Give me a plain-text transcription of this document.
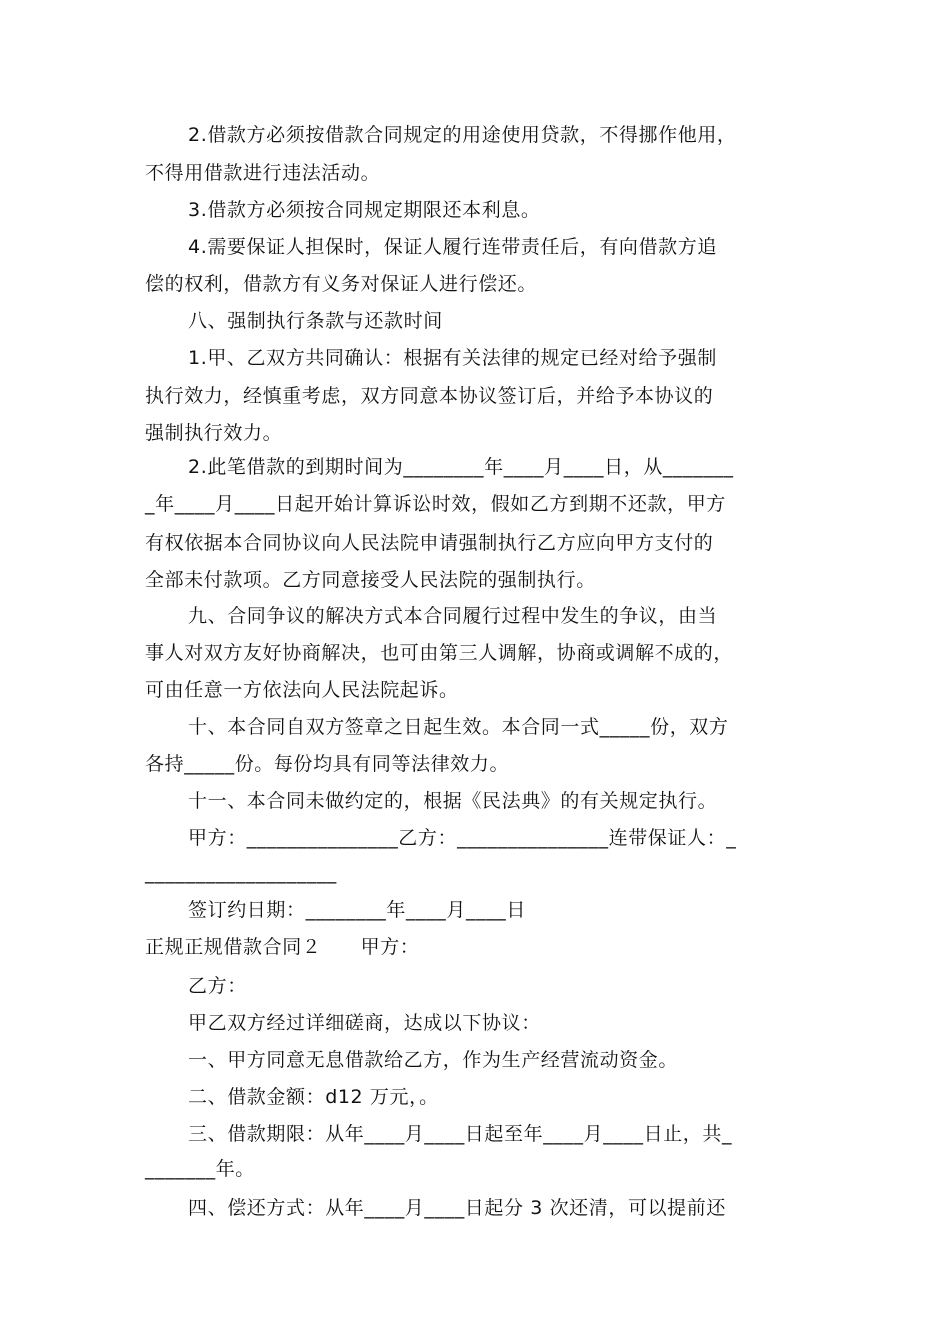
2.借款方必须按借款合同规定的用途使用贷款，不得挪作他用，
不得用借款进行违法活动。
3.借款方必须按合同规定期限还本利息。
4.需要保证人担保时，保证人履行连带责任后，有向借款方追
偿的权利，借款方有义务对保证人进行偿还。
八、强制执行条款与还款时间
1.甲、乙双方共同确认：根据有关法律的规定已经对给予强制
执行效力，经慎重考虑，双方同意本协议签订后，并给予本协议的
强制执行效力。
2.此笔借款的到期时间为________年____月____日，从_______
_年____月____日起开始计算诉讼时效，假如乙方到期不还款，甲方
有权依据本合同协议向人民法院申请强制执行乙方应向甲方支付的
全部未付款项。乙方同意接受人民法院的强制执行。
九、合同争议的解决方式本合同履行过程中发生的争议，由当
事人对双方友好协商解决，也可由第三人调解，协商或调解不成的，
可由任意一方依法向人民法院起诉。
十、本合同自双方签章之日起生效。本合同一式_____份，双方
各持_____份。每份均具有同等法律效力。
十一、本合同未做约定的，根据《民法典》的有关规定执行。
甲方：_______________乙方：_______________连带保证人：_
___________________
签订约日期：________年____月____日
正规正规借款合同２　　甲方：
乙方：
甲乙双方经过详细磋商，达成以下协议：
一、甲方同意无息借款给乙方，作为生产经营流动资金。
二、借款金额：d12 万元，。
三、借款期限：从年____月____日起至年____月____日止，共_
_______年。
四、偿还方式：从年____月____日起分 3 次还清，可以提前还
